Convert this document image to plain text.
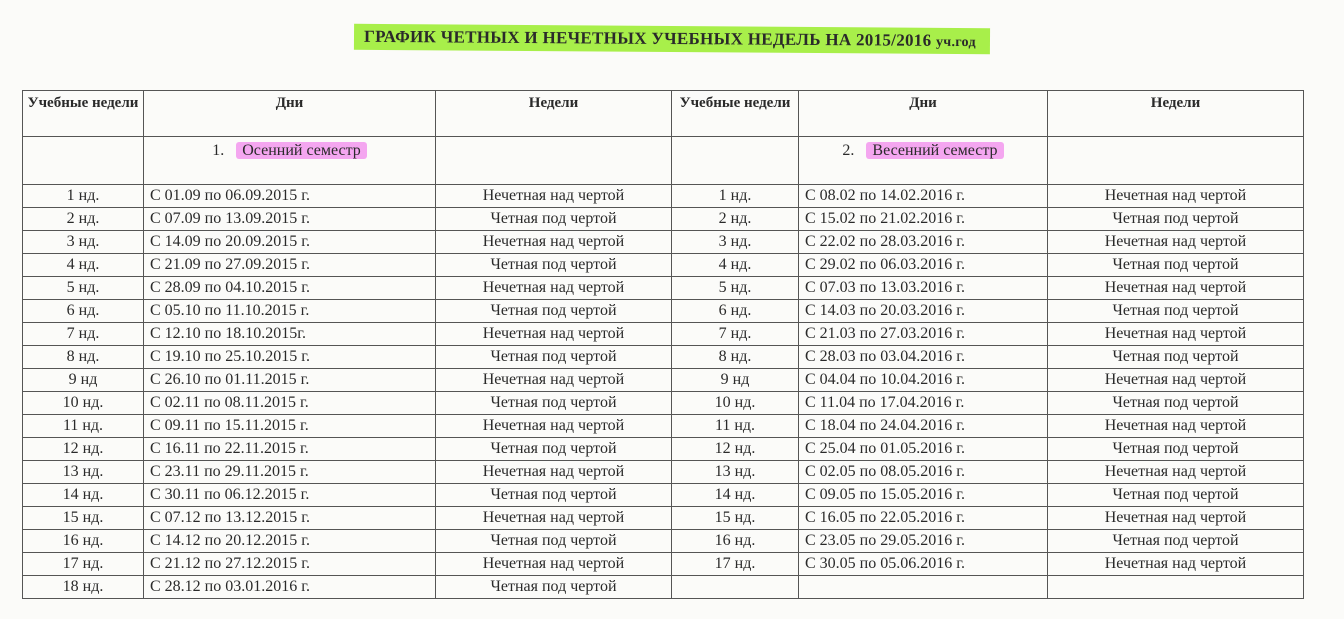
ГРАФИК ЧЕТНЫХ И НЕЧЕТНЫХ УЧЕБНЫХ НЕДЕЛЬ НА 2015/2016 уч.год
Учебные недели	Дни	Недели	Учебные недели	Дни	Недели
	1. Осенний семестр			2. Весенний семестр	
1 нд.	С 01.09 по 06.09.2015 г.	Нечетная над чертой	1 нд.	С 08.02 по 14.02.2016 г.	Нечетная над чертой
2 нд.	С 07.09 по 13.09.2015 г.	Четная под чертой	2 нд.	С 15.02 по 21.02.2016 г.	Четная под чертой
3 нд.	С 14.09 по 20.09.2015 г.	Нечетная над чертой	3 нд.	С 22.02 по 28.03.2016 г.	Нечетная над чертой
4 нд.	С 21.09 по 27.09.2015 г.	Четная под чертой	4 нд.	С 29.02 по 06.03.2016 г.	Четная под чертой
5 нд.	С 28.09 по 04.10.2015 г.	Нечетная над чертой	5 нд.	С 07.03 по 13.03.2016 г.	Нечетная над чертой
6 нд.	С 05.10 по 11.10.2015 г.	Четная под чертой	6 нд.	С 14.03 по 20.03.2016 г.	Четная под чертой
7 нд.	С 12.10 по 18.10.2015г.	Нечетная над чертой	7 нд.	С 21.03 по 27.03.2016 г.	Нечетная над чертой
8 нд.	С 19.10 по 25.10.2015 г.	Четная под чертой	8 нд.	С 28.03 по 03.04.2016 г.	Четная под чертой
9 нд	С 26.10 по 01.11.2015 г.	Нечетная над чертой	9 нд	С 04.04 по 10.04.2016 г.	Нечетная над чертой
10 нд.	С 02.11 по 08.11.2015 г.	Четная под чертой	10 нд.	С 11.04 по 17.04.2016 г.	Четная под чертой
11 нд.	С 09.11 по 15.11.2015 г.	Нечетная над чертой	11 нд.	С 18.04 по 24.04.2016 г.	Нечетная над чертой
12 нд.	С 16.11 по 22.11.2015 г.	Четная под чертой	12 нд.	С 25.04 по 01.05.2016 г.	Четная под чертой
13 нд.	С 23.11 по 29.11.2015 г.	Нечетная над чертой	13 нд.	С 02.05 по 08.05.2016 г.	Нечетная над чертой
14 нд.	С 30.11 по 06.12.2015 г.	Четная под чертой	14 нд.	С 09.05 по 15.05.2016 г.	Четная под чертой
15 нд.	С 07.12 по 13.12.2015 г.	Нечетная над чертой	15 нд.	С 16.05 по 22.05.2016 г.	Нечетная над чертой
16 нд.	С 14.12 по 20.12.2015 г.	Четная под чертой	16 нд.	С 23.05 по 29.05.2016 г.	Четная под чертой
17 нд.	С 21.12 по 27.12.2015 г.	Нечетная над чертой	17 нд.	С 30.05 по 05.06.2016 г.	Нечетная над чертой
18 нд.	С 28.12 по 03.01.2016 г.	Четная под чертой			
